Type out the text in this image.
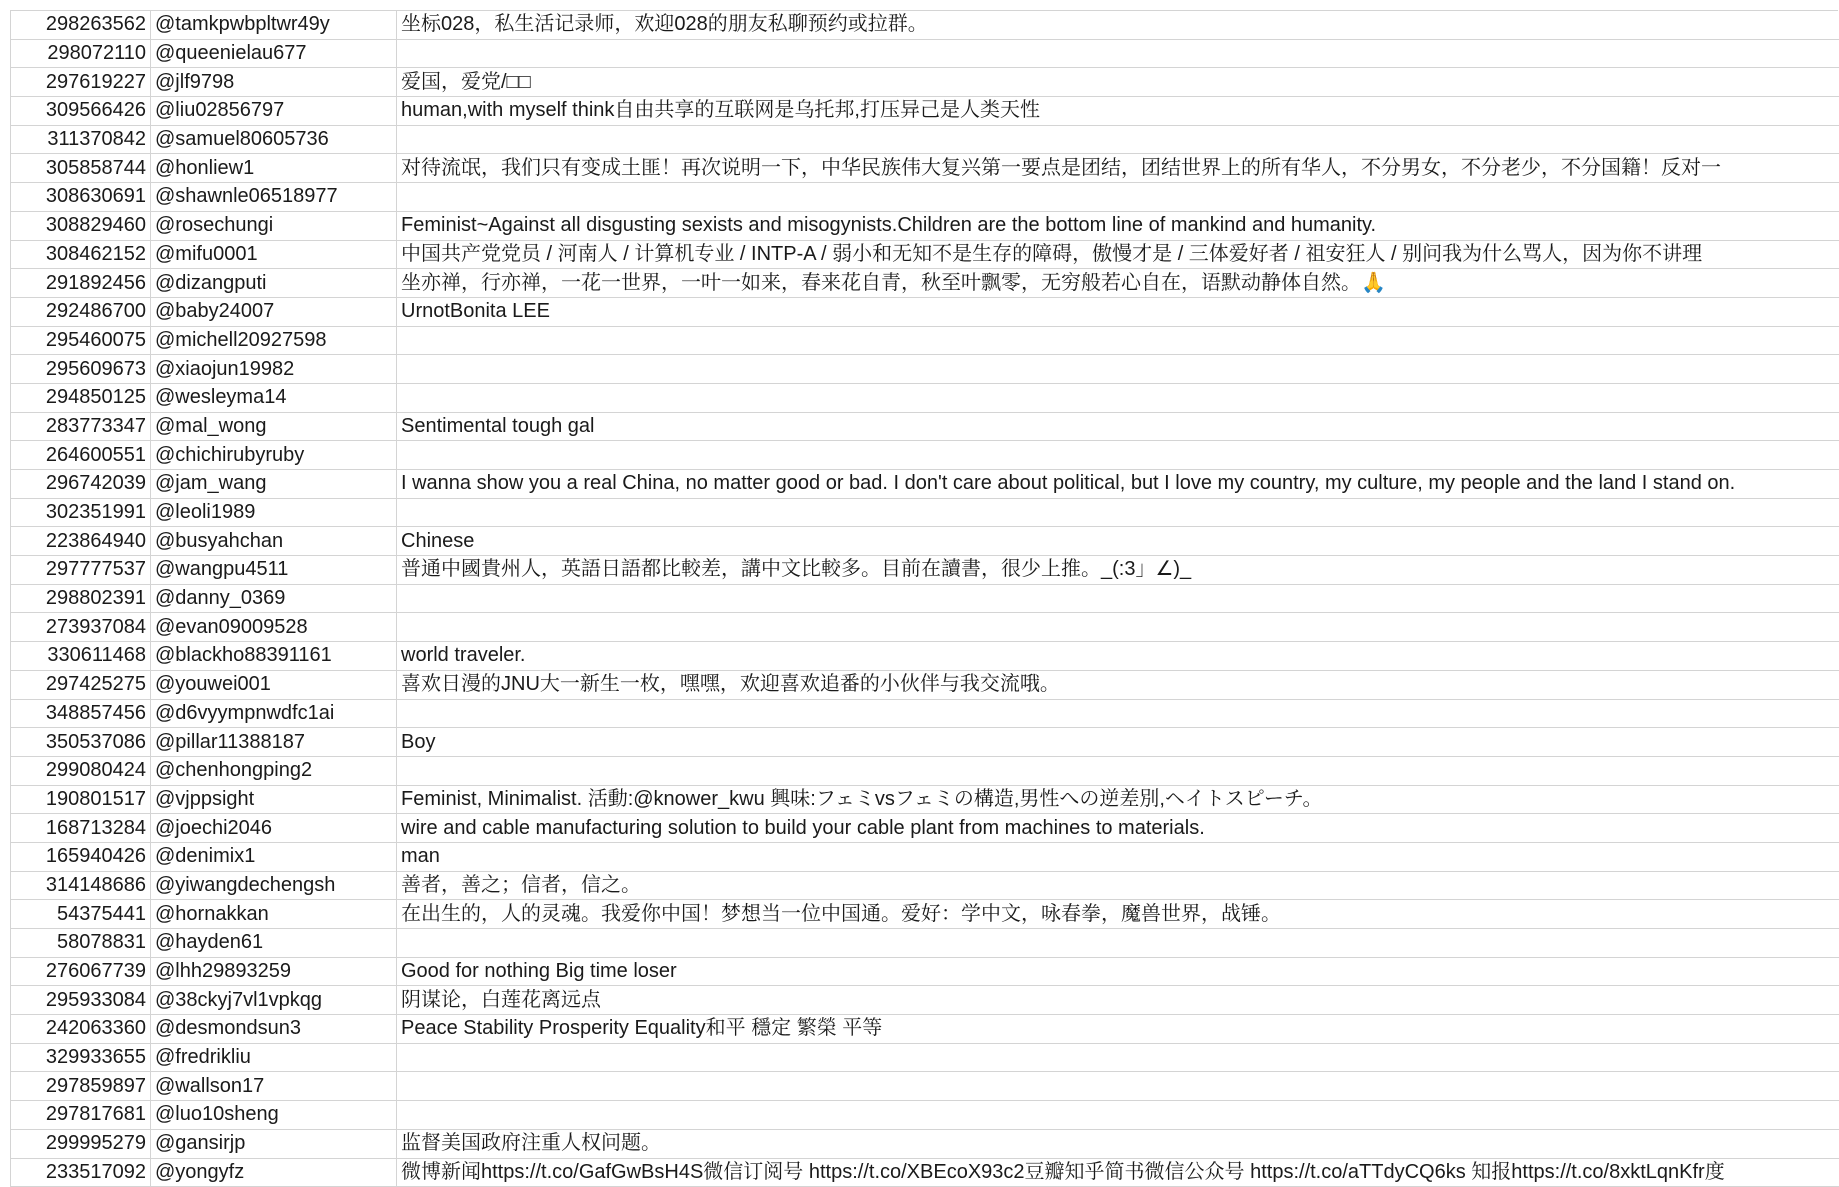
298263562	@tamkpwbpltwr49y	坐标028，私生活记录师，欢迎028的朋友私聊预约或拉群。
298072110	@queenielau677	
297619227	@jlf9798	爱国，爱党/□□
309566426	@liu02856797	human,with myself think自由共享的互联网是乌托邦,打压异己是人类天性
311370842	@samuel80605736	
305858744	@honliew1	对待流氓，我们只有变成土匪！再次说明一下，中华民族伟大复兴第一要点是团结，团结世界上的所有华人，不分男女，不分老少，不分国籍！反对一
308630691	@shawnle06518977	
308829460	@rosechungi	Feminist~Against all disgusting sexists and misogynists.Children are the bottom line of mankind and humanity.
308462152	@mifu0001	中国共产党党员 / 河南人 / 计算机专业 / INTP-A / 弱小和无知不是生存的障碍，傲慢才是 / 三体爱好者 / 祖安狂人 / 别问我为什么骂人，因为你不讲理
291892456	@dizangputi	坐亦禅，行亦禅，一花一世界，一叶一如来，春来花自青，秋至叶飘零，无穷般若心自在，语默动静体自然。🙏
292486700	@baby24007	UrnotBonita LEE
295460075	@michell20927598	
295609673	@xiaojun19982	
294850125	@wesleyma14	
283773347	@mal_wong	Sentimental tough gal
264600551	@chichirubyruby	
296742039	@jam_wang	I wanna show you a real China, no matter good or bad. I don't care about political, but I love my country, my culture, my people and the land I stand on.
302351991	@leoli1989	
223864940	@busyahchan	Chinese
297777537	@wangpu4511	普通中國貴州人，英語日語都比較差，講中文比較多。目前在讀書，很少上推。_(:3」∠)_
298802391	@danny_0369	
273937084	@evan09009528	
330611468	@blackho88391161	world traveler.
297425275	@youwei001	喜欢日漫的JNU大一新生一枚，嘿嘿，欢迎喜欢追番的小伙伴与我交流哦。
348857456	@d6vyympnwdfc1ai	
350537086	@pillar11388187	Boy
299080424	@chenhongping2	
190801517	@vjppsight	Feminist, Minimalist. 活動:@knower_kwu 興味:フェミvsフェミの構造,男性への逆差別,ヘイトスピーチ。
168713284	@joechi2046	wire and cable manufacturing solution to build your cable plant from machines to materials.
165940426	@denimix1	man
314148686	@yiwangdechengsh	善者，善之；信者，信之。
54375441	@hornakkan	在出生的，人的灵魂。我爱你中国！梦想当一位中国通。爱好：学中文，咏春拳，魔兽世界，战锤。
58078831	@hayden61	
276067739	@lhh29893259	Good for nothing Big time loser
295933084	@38ckyj7vl1vpkqg	阴谋论，白莲花离远点
242063360	@desmondsun3	Peace Stability Prosperity Equality和平 穩定 繁榮 平等
329933655	@fredrikliu	
297859897	@wallson17	
297817681	@luo10sheng	
299995279	@gansirjp	监督美国政府注重人权问题。
233517092	@yongyfz	微博新闻https://t.co/GafGwBsH4S微信订阅号 https://t.co/XBEcoX93c2豆瓣知乎简书微信公众号 https://t.co/aTTdyCQ6ks 知报https://t.co/8xktLqnKfr度
